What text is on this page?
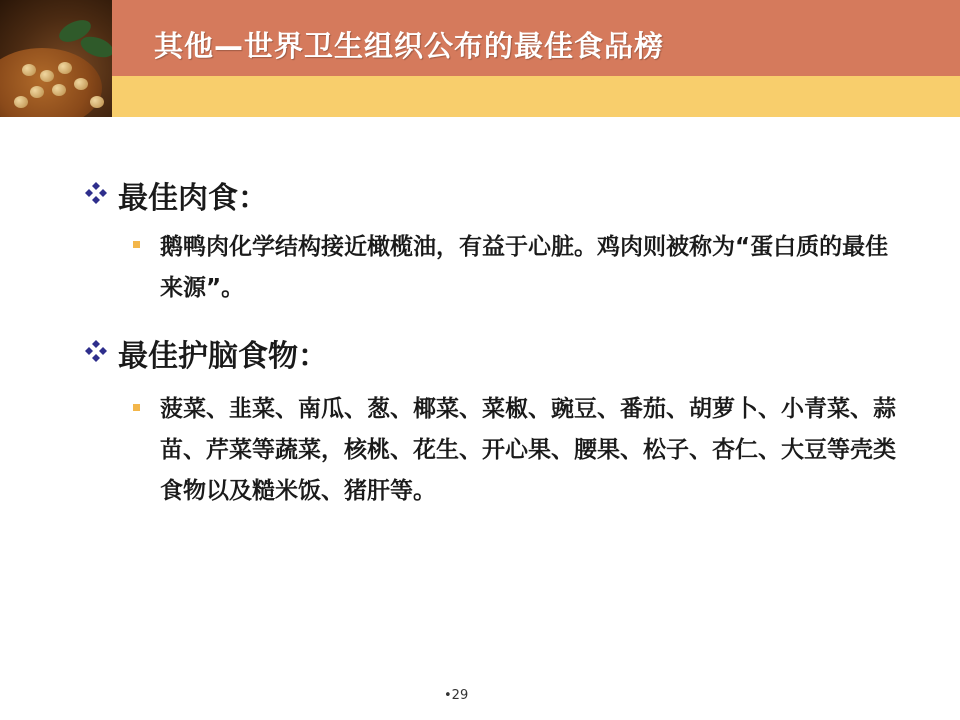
其他—世界卫生组织公布的最佳食品榜
最佳肉食：
鹅鸭肉化学结构接近橄榄油，有益于心脏。鸡肉则被称为“蛋白质的最佳来源”。
最佳护脑食物：
菠菜、韭菜、南瓜、葱、椰菜、菜椒、豌豆、番茄、胡萝卜、小青菜、蒜苗、芹菜等蔬菜，核桃、花生、开心果、腰果、松子、杏仁、大豆等壳类食物以及糙米饭、猪肝等。
•29
